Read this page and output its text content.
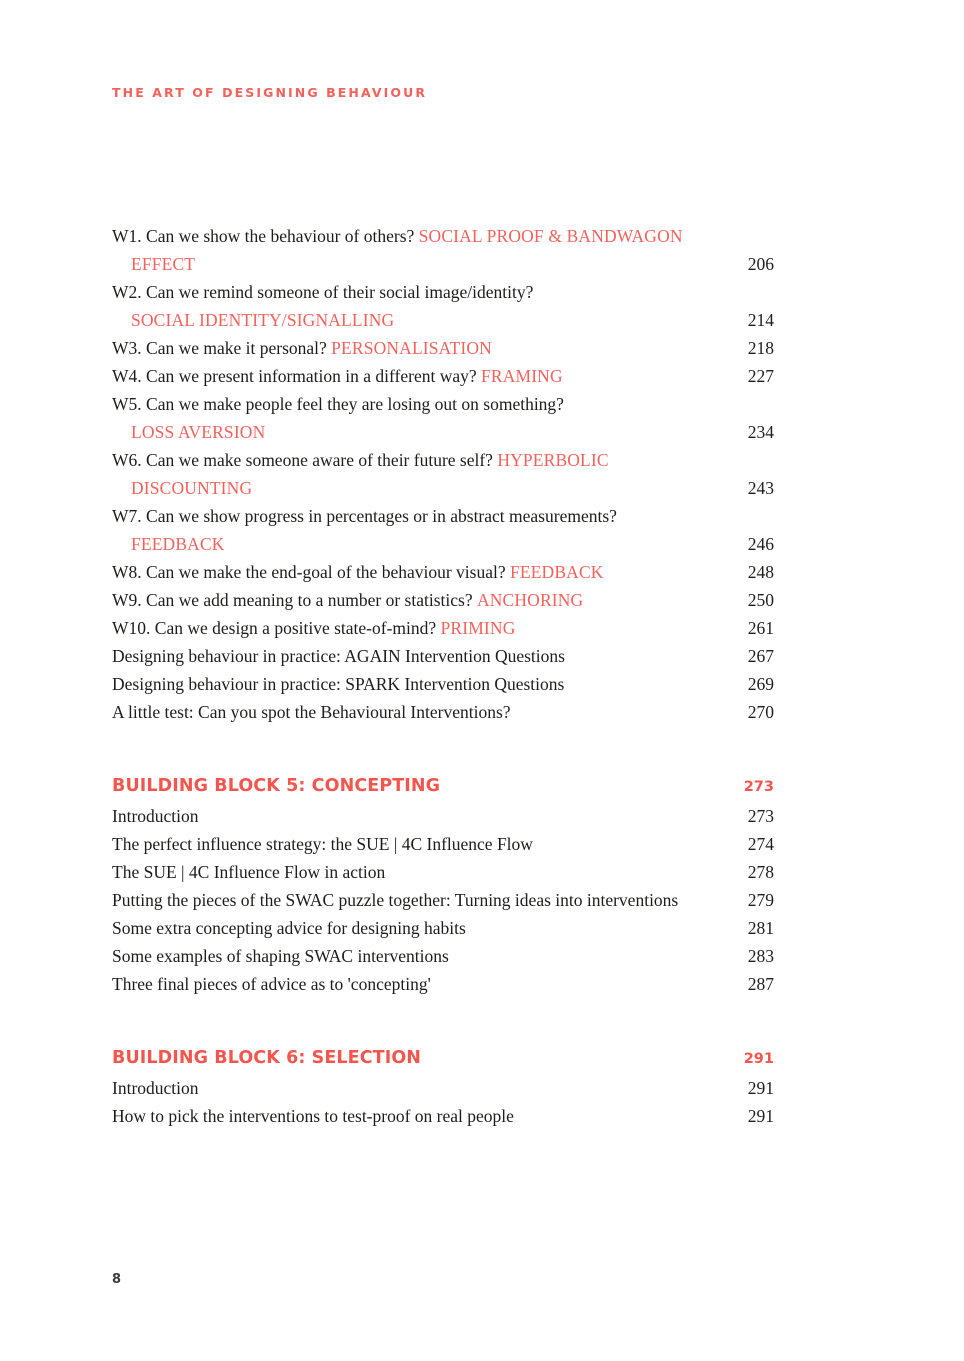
THE ART OF DESIGNING BEHAVIOUR
W1. Can we show the behaviour of others? SOCIAL PROOF & BANDWAGON
EFFECT	206
W2. Can we remind someone of their social image/identity?
SOCIAL IDENTITY/SIGNALLING	214
W3. Can we make it personal? PERSONALISATION	218
W4. Can we present information in a different way? FRAMING	227
W5. Can we make people feel they are losing out on something?
LOSS AVERSION	234
W6. Can we make someone aware of their future self? HYPERBOLIC
DISCOUNTING	243
W7. Can we show progress in percentages or in abstract measurements?
FEEDBACK	246
W8. Can we make the end-goal of the behaviour visual? FEEDBACK	248
W9. Can we add meaning to a number or statistics? ANCHORING	250
W10. Can we design a positive state-of-mind? PRIMING	261
Designing behaviour in practice: AGAIN Intervention Questions	267
Designing behaviour in practice: SPARK Intervention Questions	269
A little test: Can you spot the Behavioural Interventions?	270
BUILDING BLOCK 5: CONCEPTING	273
Introduction	273
The perfect influence strategy: the SUE | 4C Influence Flow	274
The SUE | 4C Influence Flow in action	278
Putting the pieces of the SWAC puzzle together: Turning ideas into interventions	279
Some extra concepting advice for designing habits	281
Some examples of shaping SWAC interventions	283
Three final pieces of advice as to 'concepting'	287
BUILDING BLOCK 6: SELECTION	291
Introduction	291
How to pick the interventions to test-proof on real people	291
8
